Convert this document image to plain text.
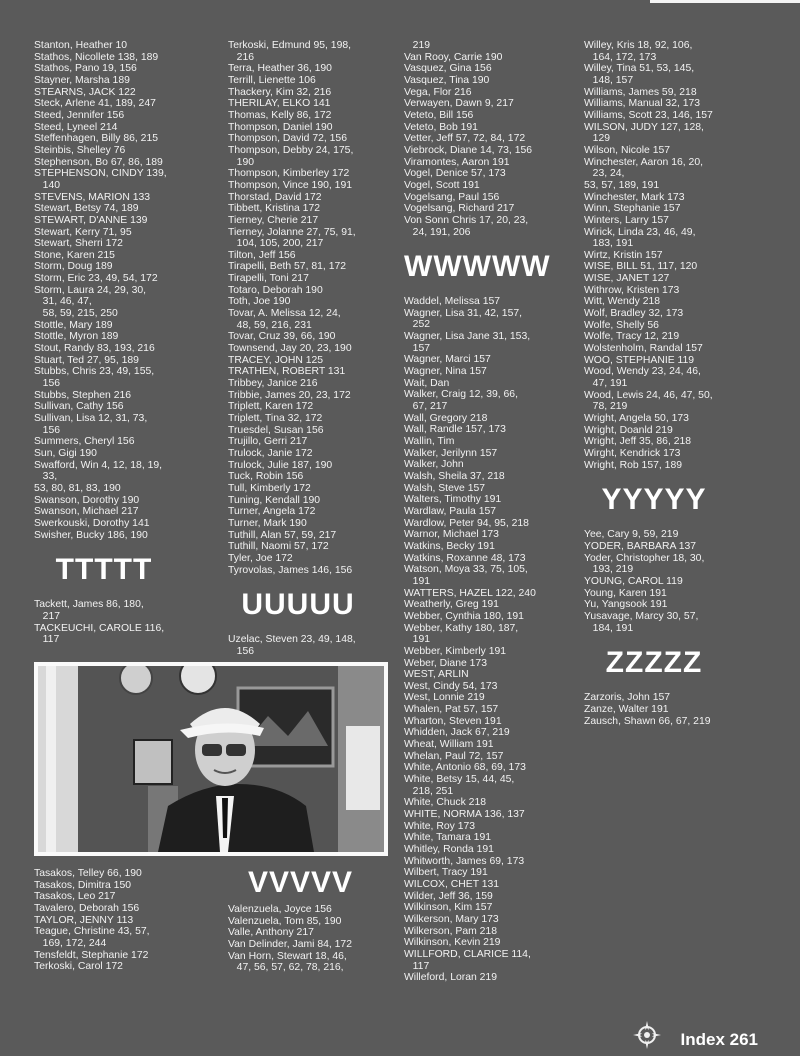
Stanton, Heather 10
Stathos, Nicollete 138, 189
Stathos, Pano 19, 156
Stayner, Marsha 189
STEARNS, JACK 122
Steck, Arlene 41, 189, 247
Steed, Jennifer 156
Steed, Lyneel 214
Steffenhagen, Billy 86, 215
Steinbis, Shelley 76
Stephenson, Bo 67, 86, 189
STEPHENSON, CINDY 139,
140
STEVENS, MARION 133
Stewart, Betsy 74, 189
STEWART, D'ANNE 139
Stewart, Kerry 71, 95
Stewart, Sherri 172
Stone, Karen 215
Storm, Doug 189
Storm, Eric 23, 49, 54, 172
Storm, Laura 24, 29, 30,
31, 46, 47,
58, 59, 215, 250
Stottle, Mary 189
Stottle, Myron 189
Stout, Randy 83, 193, 216
Stuart, Ted 27, 95, 189
Stubbs, Chris 23, 49, 155,
156
Stubbs, Stephen 216
Sullivan, Cathy 156
Sullivan, Lisa 12, 31, 73,
156
Summers, Cheryl 156
Sun, Gigi 190
Swafford, Win 4, 12, 18, 19,
33,
53, 80, 81, 83, 190
Swanson, Dorothy 190
Swanson, Michael 217
Swerkouski, Dorothy 141
Swisher, Bucky 186, 190
TTTTT
Tackett, James 86, 180,
217
TACKEUCHI, CAROLE 116,
117
Terkoski, Edmund 95, 198,
216
Terra, Heather 36, 190
Terrill, Lienette 106
Thackery, Kim 32, 216
THERILAY, ELKO 141
Thomas, Kelly 86, 172
Thompson, Daniel 190
Thompson, David 72, 156
Thompson, Debby 24, 175,
190
Thompson, Kimberley 172
Thompson, Vince 190, 191
Thorstad, David 172
Tibbett, Kristina 172
Tierney, Cherie 217
Tierney, Jolanne 27, 75, 91,
104, 105, 200, 217
Tilton, Jeff 156
Tirapelli, Beth 57, 81, 172
Tirapelli, Toni 217
Totaro, Deborah 190
Toth, Joe 190
Tovar, A. Melissa 12, 24,
48, 59, 216, 231
Tovar, Cruz 39, 66, 190
Townsend, Jay 20, 23, 190
TRACEY, JOHN 125
TRATHEN, ROBERT 131
Tribbey, Janice 216
Tribbie, James 20, 23, 172
Triplett, Karen 172
Triplett, Tina 32, 172
Truesdel, Susan 156
Trujillo, Gerri 217
Trulock, Janie 172
Trulock, Julie 187, 190
Tuck, Robin 156
Tull, Kimberly 172
Tuning, Kendall 190
Turner, Angela 172
Turner, Mark 190
Tuthill, Alan 57, 59, 217
Tuthill, Naomi 57, 172
Tyler, Joe 172
Tyrovolas, James 146, 156
UUUUU
Uzelac, Steven 23, 49, 148,
156
219
Van Rooy, Carrie 190
Vasquez, Gina 156
Vasquez, Tina 190
Vega, Flor 216
Verwayen, Dawn 9, 217
Veteto, Bill 156
Veteto, Bob 191
Vetter, Jeff 57, 72, 84, 172
Viebrock, Diane 14, 73, 156
Viramontes, Aaron 191
Vogel, Denice 57, 173
Vogel, Scott 191
Vogelsang, Paul 156
Vogelsang, Richard 217
Von Sonn Chris 17, 20, 23,
24, 191, 206
WWWWW
Waddel, Melissa 157
Wagner, Lisa 31, 42, 157,
252
Wagner, Lisa Jane 31, 153,
157
Wagner, Marci 157
Wagner, Nina 157
Wait, Dan
Walker, Craig 12, 39, 66,
67, 217
Wall, Gregory 218
Wall, Randle 157, 173
Wallin, Tim
Walker, Jerilynn 157
Walker, John
Walsh, Sheila 37, 218
Walsh, Steve 157
Walters, Timothy 191
Wardlaw, Paula 157
Wardlow, Peter 94, 95, 218
Warnor, Michael 173
Watkins, Becky 191
Watkins, Roxanne 48, 173
Watson, Moya 33, 75, 105,
191
WATTERS, HAZEL 122, 240
Weatherly, Greg 191
Webber, Cynthia 180, 191
Webber, Kathy 180, 187,
191
Webber, Kimberly 191
Weber, Diane 173
WEST, ARLIN
West, Cindy 54, 173
West, Lonnie 219
Whalen, Pat 57, 157
Wharton, Steven 191
Whidden, Jack 67, 219
Wheat, William 191
Whelan, Paul 72, 157
White, Antonio 68, 69, 173
White, Betsy 15, 44, 45,
218, 251
White, Chuck 218
WHITE, NORMA 136, 137
White, Roy 173
White, Tamara 191
Whitley, Ronda 191
Whitworth, James 69, 173
Wilbert, Tracy 191
WILCOX, CHET 131
Wilder, Jeff 36, 159
Wilkinson, Kim 157
Wilkerson, Mary 173
Wilkerson, Pam 218
Wilkinson, Kevin 219
WILLFORD, CLARICE 114,
117
Willeford, Loran 219
Willey, Kris 18, 92, 106,
164, 172, 173
Willey, Tina 51, 53, 145,
148, 157
Williams, James 59, 218
Williams, Manual 32, 173
Williams, Scott 23, 146, 157
WILSON, JUDY 127, 128,
129
Wilson, Nicole 157
Winchester, Aaron 16, 20,
23, 24,
53, 57, 189, 191
Winchester, Mark 173
Winn, Stephanie 157
Winters, Larry 157
Wirick, Linda 23, 46, 49,
183, 191
Wirtz, Kristin 157
WISE, BILL 51, 117, 120
WISE, JANET 127
Withrow, Kristen 173
Witt, Wendy 218
Wolf, Bradley 32, 173
Wolfe, Shelly 56
Wolfe, Tracy 12, 219
Wolstenholm, Randal 157
WOO, STEPHANIE 119
Wood, Wendy 23, 24, 46,
47, 191
Wood, Lewis 24, 46, 47, 50,
78, 219
Wright, Angela 50, 173
Wright, Doanld 219
Wright, Jeff 35, 86, 218
Wirght, Kendrick 173
Wright, Rob 157, 189
YYYYY
Yee, Cary 9, 59, 219
YODER, BARBARA 137
Yoder, Christopher 18, 30,
193, 219
YOUNG, CAROL 119
Young, Karen 191
Yu, Yangsook 191
Yusavage, Marcy 30, 57,
184, 191
ZZZZZ
Zarzoris, John 157
Zanze, Walter 191
Zausch, Shawn 66, 67, 219
Tasakos, Telley 66, 190
Tasakos, Dimitra 150
Tasakos, Leo 217
Tavalero, Deborah 156
TAYLOR, JENNY 113
Teague, Christine 43, 57,
169, 172, 244
Tensfeldt, Stephanie 172
Terkoski, Carol 172
VVVVV
Valenzuela, Joyce 156
Valenzuela, Tom 85, 190
Valle, Anthony 217
Van Delinder, Jami 84, 172
Van Horn, Stewart 18, 46,
47, 56, 57, 62, 78, 216,
Index 261
